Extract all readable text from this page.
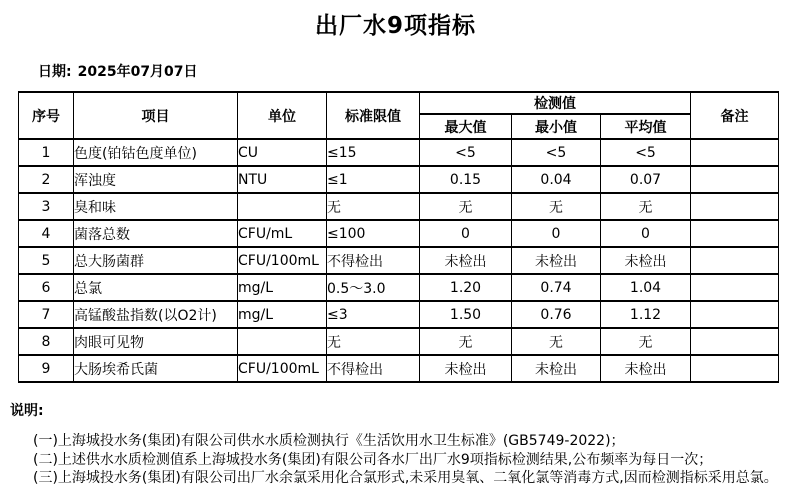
出厂水9项指标
日期: 2025年07月07日
序号	项目	单位	标准限值	检测值			备注
				最大值	最小值	平均值	
1	色度(铂钴色度单位)	CU	≤15	<5	<5	<5	
2	浑浊度	NTU	≤1	0.15	0.04	0.07	
3	臭和味		无	无	无	无	
4	菌落总数	CFU/mL	≤100	0	0	0	
5	总大肠菌群	CFU/100mL	不得检出	未检出	未检出	未检出	
6	总氯	mg/L	0.5～3.0	1.20	0.74	1.04	
7	高锰酸盐指数(以O2计)	mg/L	≤3	1.50	0.76	1.12	
8	肉眼可见物		无	无	无	无	
9	大肠埃希氏菌	CFU/100mL	不得检出	未检出	未检出	未检出	
说明:
(一)上海城投水务(集团)有限公司供水水质检测执行《生活饮用水卫生标准》(GB5749-2022)；
(二)上述供水水质检测值系上海城投水务(集团)有限公司各水厂出厂水9项指标检测结果,公布频率为每日一次；
(三)上海城投水务(集团)有限公司出厂水余氯采用化合氯形式,未采用臭氧、二氧化氯等消毒方式,因而检测指标采用总氯。
